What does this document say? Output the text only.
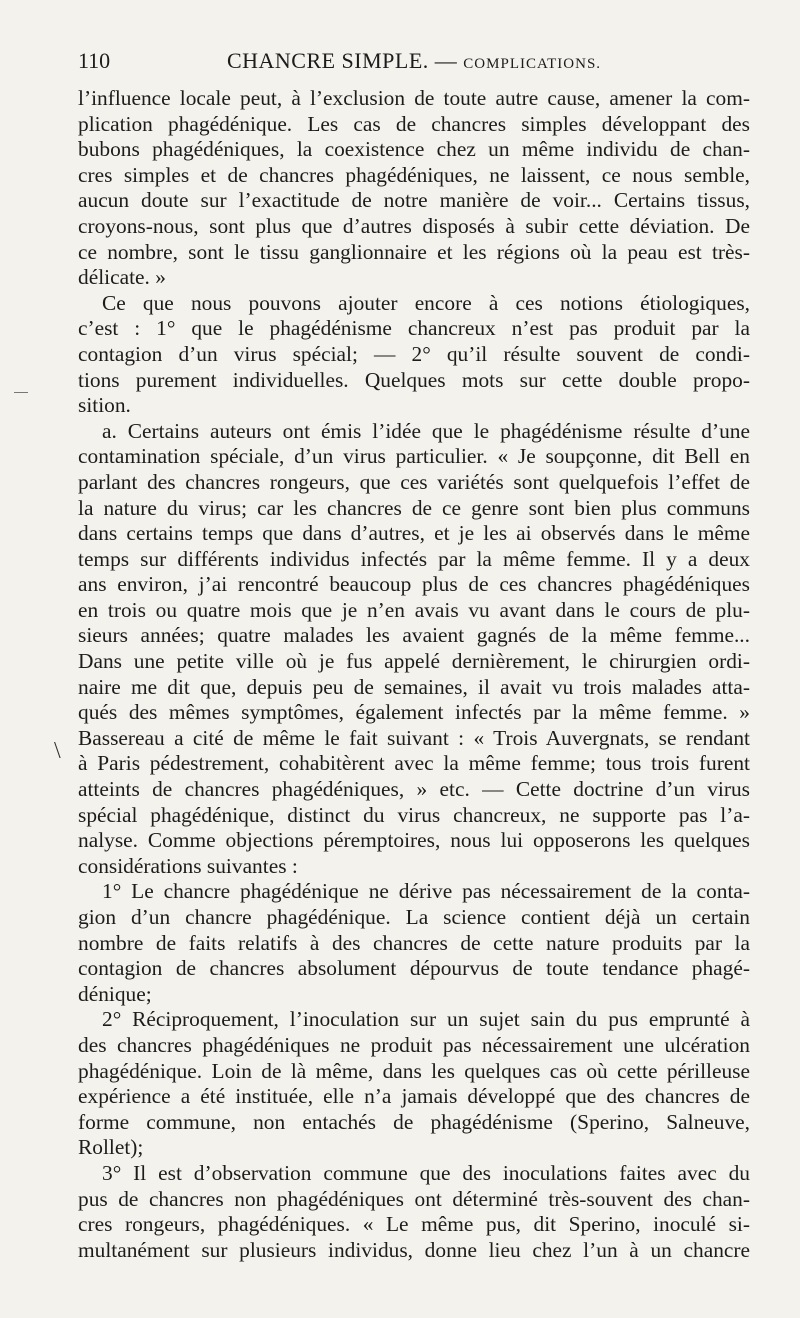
110	CHANCRE SIMPLE. — COMPLICATIONS.
\
l’influence locale peut, à l’exclusion de toute autre cause, amener la com-
plication phagédénique. Les cas de chancres simples développant des
bubons phagédéniques, la coexistence chez un même individu de chan-
cres simples et de chancres phagédéniques, ne laissent, ce nous semble,
aucun doute sur l’exactitude de notre manière de voir... Certains tissus,
croyons-nous, sont plus que d’autres disposés à subir cette déviation. De
ce nombre, sont le tissu ganglionnaire et les régions où la peau est très-
délicate. »
Ce que nous pouvons ajouter encore à ces notions étiologiques,
c’est : 1° que le phagédénisme chancreux n’est pas produit par la
contagion d’un virus spécial; — 2° qu’il résulte souvent de condi-
tions purement individuelles. Quelques mots sur cette double propo-
sition.
a. Certains auteurs ont émis l’idée que le phagédénisme résulte d’une
contamination spéciale, d’un virus particulier. « Je soupçonne, dit Bell en
parlant des chancres rongeurs, que ces variétés sont quelquefois l’effet de
la nature du virus; car les chancres de ce genre sont bien plus communs
dans certains temps que dans d’autres, et je les ai observés dans le même
temps sur différents individus infectés par la même femme. Il y a deux
ans environ, j’ai rencontré beaucoup plus de ces chancres phagédéniques
en trois ou quatre mois que je n’en avais vu avant dans le cours de plu-
sieurs années; quatre malades les avaient gagnés de la même femme...
Dans une petite ville où je fus appelé dernièrement, le chirurgien ordi-
naire me dit que, depuis peu de semaines, il avait vu trois malades atta-
qués des mêmes symptômes, également infectés par la même femme. »
Bassereau a cité de même le fait suivant : « Trois Auvergnats, se rendant
à Paris pédestrement, cohabitèrent avec la même femme; tous trois furent
atteints de chancres phagédéniques, » etc. — Cette doctrine d’un virus
spécial phagédénique, distinct du virus chancreux, ne supporte pas l’a-
nalyse. Comme objections péremptoires, nous lui opposerons les quelques
considérations suivantes :
1° Le chancre phagédénique ne dérive pas nécessairement de la conta-
gion d’un chancre phagédénique. La science contient déjà un certain
nombre de faits relatifs à des chancres de cette nature produits par la
contagion de chancres absolument dépourvus de toute tendance phagé-
dénique;
2° Réciproquement, l’inoculation sur un sujet sain du pus emprunté à
des chancres phagédéniques ne produit pas nécessairement une ulcération
phagédénique. Loin de là même, dans les quelques cas où cette périlleuse
expérience a été instituée, elle n’a jamais développé que des chancres de
forme commune, non entachés de phagédénisme (Sperino, Salneuve,
Rollet);
3° Il est d’observation commune que des inoculations faites avec du
pus de chancres non phagédéniques ont déterminé très-souvent des chan-
cres rongeurs, phagédéniques. « Le même pus, dit Sperino, inoculé si-
multanément sur plusieurs individus, donne lieu chez l’un à un chancre
